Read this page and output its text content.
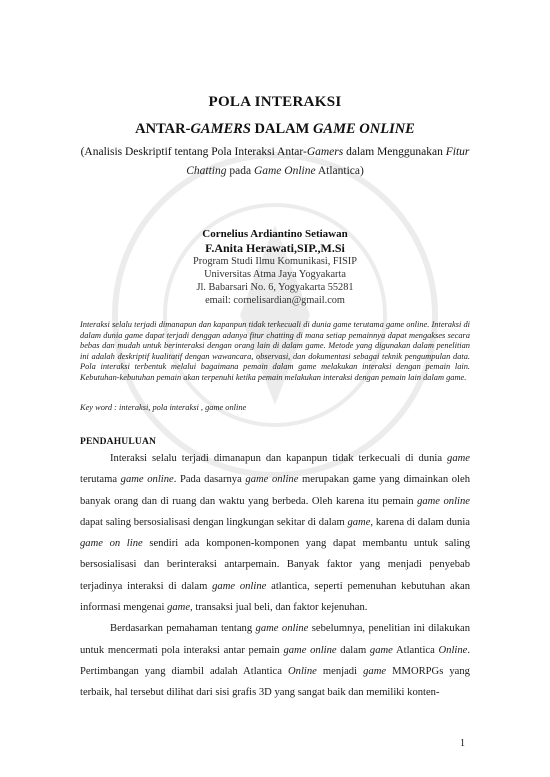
POLA INTERAKSI
ANTAR-GAMERS DALAM GAME ONLINE
(Analisis Deskriptif tentang Pola Interaksi Antar-Gamers dalam Menggunakan Fitur
Chatting pada Game Online Atlantica)
Cornelius Ardiantino Setiawan
F.Anita Herawati,SIP.,M.Si
Program Studi Ilmu Komunikasi, FISIP
Universitas Atma Jaya Yogyakarta
Jl. Babarsari No. 6, Yogyakarta 55281
email: cornelisardian@gmail.com
Interaksi selalu terjadi dimanapun dan kapanpun tidak terkecuali di dunia game terutama game online. Interaksi di dalam dunia game dapat terjadi denggan adanya fitur chatting di mana setiap pemainnya dapat mengakses secara bebas dan mudah untuk berinteraksi dengan orang lain di dalam game. Metode yang digunakan dalam penelitian ini adalah deskriptif kualitatif dengan wawancara, observasi, dan dokumentasi sebagai teknik pengumpulan data. Pola interaksi terbentuk melalui bagaimana pemain dalam game melakukan interaksi dengan pemain lain. Kebutuhan-kebutuhan pemain akan terpenuhi ketika pemain melakukan interaksi dengan pemain lain dalam game.
Key word : interaksi, pola interaksi , game online
PENDAHULUAN

Interaksi selalu terjadi dimanapun dan kapanpun tidak terkecuali di dunia game terutama game online. Pada dasarnya game online merupakan game yang dimainkan oleh banyak orang dan di ruang dan waktu yang berbeda. Oleh karena itu pemain game online dapat saling bersosialisasi dengan lingkungan sekitar di dalam game, karena di dalam dunia game on line sendiri ada komponen-komponen yang dapat membantu untuk saling bersosialisasi dan berinteraksi antarpemain. Banyak faktor yang menjadi penyebab terjadinya interaksi di dalam game online atlantica, seperti pemenuhan kebutuhan akan informasi mengenai game, transaksi jual beli, dan faktor kejenuhan.

Berdasarkan pemahaman tentang game online sebelumnya, penelitian ini dilakukan untuk mencermati pola interaksi antar pemain game online dalam game Atlantica Online. Pertimbangan yang diambil adalah Atlantica Online menjadi game MMORPGs yang terbaik, hal tersebut dilihat dari sisi grafis 3D yang sangat baik dan memiliki konten-

1
